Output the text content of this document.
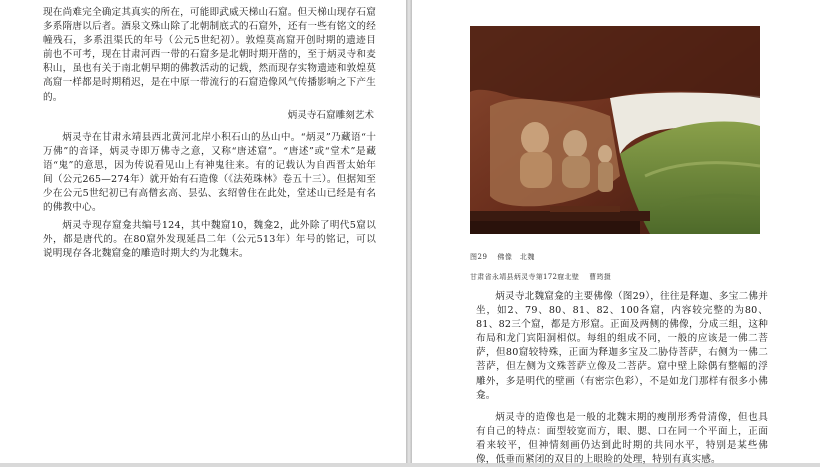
现在尚难完全确定其真实的所在，可能即武威天梯山石窟。但天梯山现存石窟多系隋唐以后者。酒泉文殊山除了北朝制底式的石窟外，还有一些有铭文的经幢残石，多系沮渠氏的年号（公元5世纪初）。敦煌莫高窟开创时期的遗迹目前也不可考，现在甘肃河西一带的石窟多是北朝时期开凿的，至于炳灵寺和麦积山，虽也有关于南北朝早期的佛教活动的记载，然而现存实物遗迹和敦煌莫高窟一样都是时期稍迟，是在中原一带流行的石窟造像风气传播影响之下产生的。

炳灵寺石窟雕刻艺术

炳灵寺在甘肃永靖县西北黄河北岸小积石山的丛山中。“炳灵”乃藏语“十万佛”的音译，炳灵寺即万佛寺之意，又称“唐述窟”。“唐述”或“堂术”是藏语“鬼”的意思，因为传说看见山上有神鬼往来。有的记载认为自西晋太始年间（公元265—274年）就开始有石造像（《法苑珠林》卷五十三）。但据知至少在公元5世纪初已有高僧玄高、昙弘、玄绍曾住在此处，堂述山已经是有名的佛教中心。

炳灵寺现存窟龛共编号124，其中魏窟10，魏龛2，此外除了明代5窟以外，都是唐代的。在80窟外发现延昌二年（公元513年）年号的铭记，可以说明现存各北魏窟龛的雕造时期大约为北魏末。	图29 佛像　北魏
甘肃省永靖县炳灵寺第172窟北壁 曹筠摄

炳灵寺北魏窟龛的主要佛像（图29），往往是释迦、多宝二佛并坐，如2、79、80、81、82、100各窟，内容较完整的为80、81、82三个窟，都是方形窟。正面及两侧的佛像，分成三组，这种布局和龙门宾阳洞相似。每组的组成不同，一般的应该是一佛二菩萨，但80窟较特殊，正面为释迦多宝及二胁侍菩萨，右侧为一佛二菩萨，但左侧为文殊菩萨立像及二菩萨。窟中壁上除偶有整幅的浮雕外，多是明代的壁画（有密宗色彩），不是如龙门那样有很多小佛龛。

炳灵寺的造像也是一般的北魏末期的瘦削形秀骨清像，但也具有自己的特点：面型较宽而方，眼、腮、口在同一个平面上，正面看来较平，但神情刻画仍达到此时期的共同水平，特别是某些佛像，低垂而紧闭的双目的上眼睑的处理，特别有真实感。
